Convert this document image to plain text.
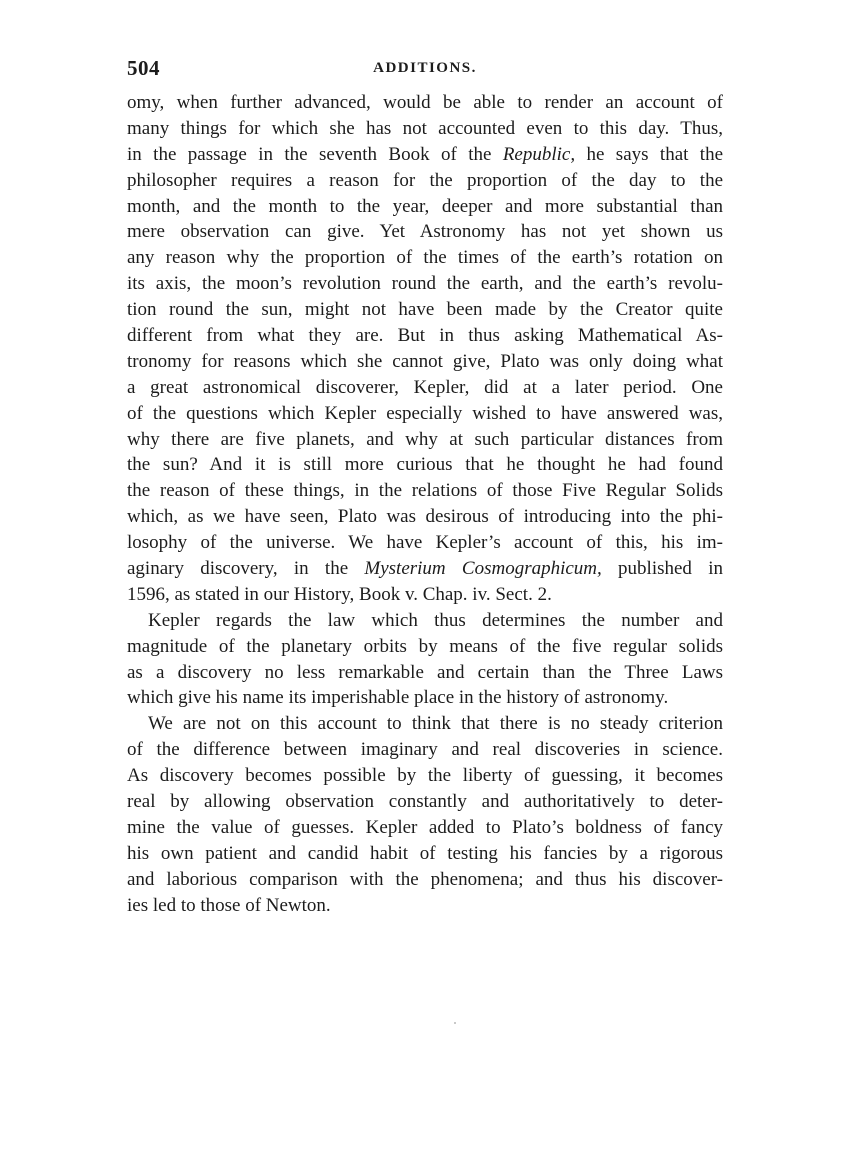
504	ADDITIONS.
omy, when further advanced, would be able to render an account of
many things for which she has not accounted even to this day. Thus,
in the passage in the seventh Book of the Republic, he says that the
philosopher requires a reason for the proportion of the day to the
month, and the month to the year, deeper and more substantial than
mere observation can give. Yet Astronomy has not yet shown us
any reason why the proportion of the times of the earth’s rotation on
its axis, the moon’s revolution round the earth, and the earth’s revolu-
tion round the sun, might not have been made by the Creator quite
different from what they are. But in thus asking Mathematical As-
tronomy for reasons which she cannot give, Plato was only doing what
a great astronomical discoverer, Kepler, did at a later period. One
of the questions which Kepler especially wished to have answered was,
why there are five planets, and why at such particular distances from
the sun? And it is still more curious that he thought he had found
the reason of these things, in the relations of those Five Regular Solids
which, as we have seen, Plato was desirous of introducing into the phi-
losophy of the universe. We have Kepler’s account of this, his im-
aginary discovery, in the Mysterium Cosmographicum, published in
1596, as stated in our History, Book v. Chap. iv. Sect. 2.
Kepler regards the law which thus determines the number and
magnitude of the planetary orbits by means of the five regular solids
as a discovery no less remarkable and certain than the Three Laws
which give his name its imperishable place in the history of astronomy.
We are not on this account to think that there is no steady criterion
of the difference between imaginary and real discoveries in science.
As discovery becomes possible by the liberty of guessing, it becomes
real by allowing observation constantly and authoritatively to deter-
mine the value of guesses. Kepler added to Plato’s boldness of fancy
his own patient and candid habit of testing his fancies by a rigorous
and laborious comparison with the phenomena; and thus his discover-
ies led to those of Newton.
